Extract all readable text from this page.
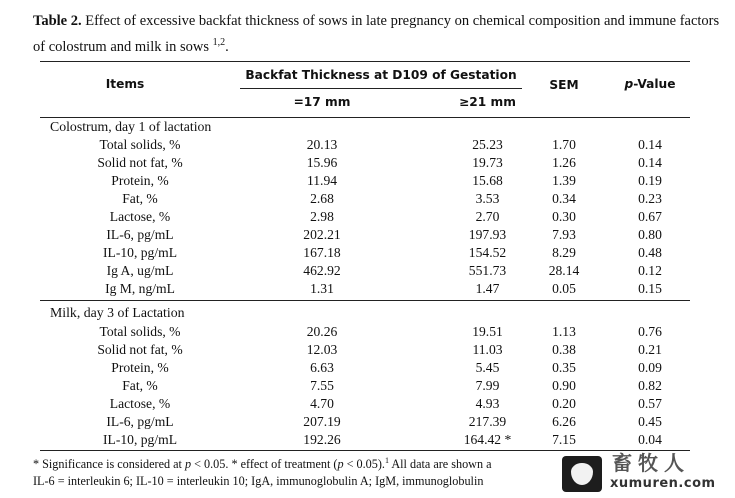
Table 2. Effect of excessive backfat thickness of sows in late pregnancy on chemical composition and immune factors of colostrum and milk in sows $^{1,2}$.
Items
Backfat Thickness at D109 of Gestation
=17 mm	≥21 mm
SEM	p-Value
Colostrum, day 1 of lactation
Total solids, %	20.13	25.23	1.70	0.14
Solid not fat, %	15.96	19.73	1.26	0.14
Protein, %	11.94	15.68	1.39	0.19
Fat, %	2.68	3.53	0.34	0.23
Lactose, %	2.98	2.70	0.30	0.67
IL-6, pg/mL	202.21	197.93	7.93	0.80
IL-10, pg/mL	167.18	154.52	8.29	0.48
Ig A, ug/mL	462.92	551.73	28.14	0.12
Ig M, ng/mL	1.31	1.47	0.05	0.15
Milk, day 3 of Lactation
Total solids, %	20.26	19.51	1.13	0.76
Solid not fat, %	12.03	11.03	0.38	0.21
Protein, %	6.63	5.45	0.35	0.09
Fat, %	7.55	7.99	0.90	0.82
Lactose, %	4.70	4.93	0.20	0.57
IL-6, pg/mL	207.19	217.39	6.26	0.45
IL-10, pg/mL	192.26	164.42 *	7.15	0.04
* Significance is considered at p < 0.05. * effect of treatment (p < 0.05).$^1$ All data are shown a
IL-6 = interleukin 6; IL-10 = interleukin 10; IgA, immunoglobulin A; IgM, immunoglobulin
畜牧人
xumuren.com
